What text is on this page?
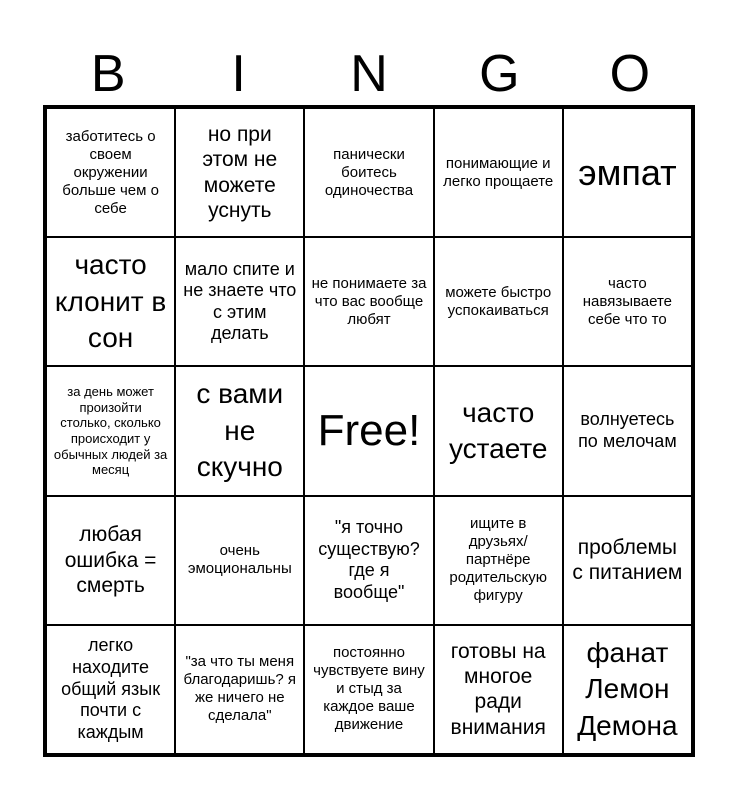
B	I	N	G	O
заботитесь о своем окружении больше чем о себе
но при этом не можете уснуть
панически боитесь одиночества
понимающие и легко прощаете эмпат
часто клонит в сон
мало спите и не знаете что с этим делать
не понимаете за что вас вообще любят
можете быстро успокаиваться
часто навязываете себе что то
за день может произойти столько, сколько происходит у обычных людей за месяц
с вами не скучно
Free!	часто устаете
волнуетесь по мелочам
любая ошибка = смерть
очень эмоциональны
"я точно существую? где я вообще"
ищите в друзьях/ партнёре родительскую фигуру
проблемы с питанием
легко находите общий язык почти с каждым
"за что ты меня благодаришь? я же ничего не сделала"
постоянно чувствуете вину и стыд за каждое ваше движение
готовы на многое ради внимания
фанат Лемон Демона
